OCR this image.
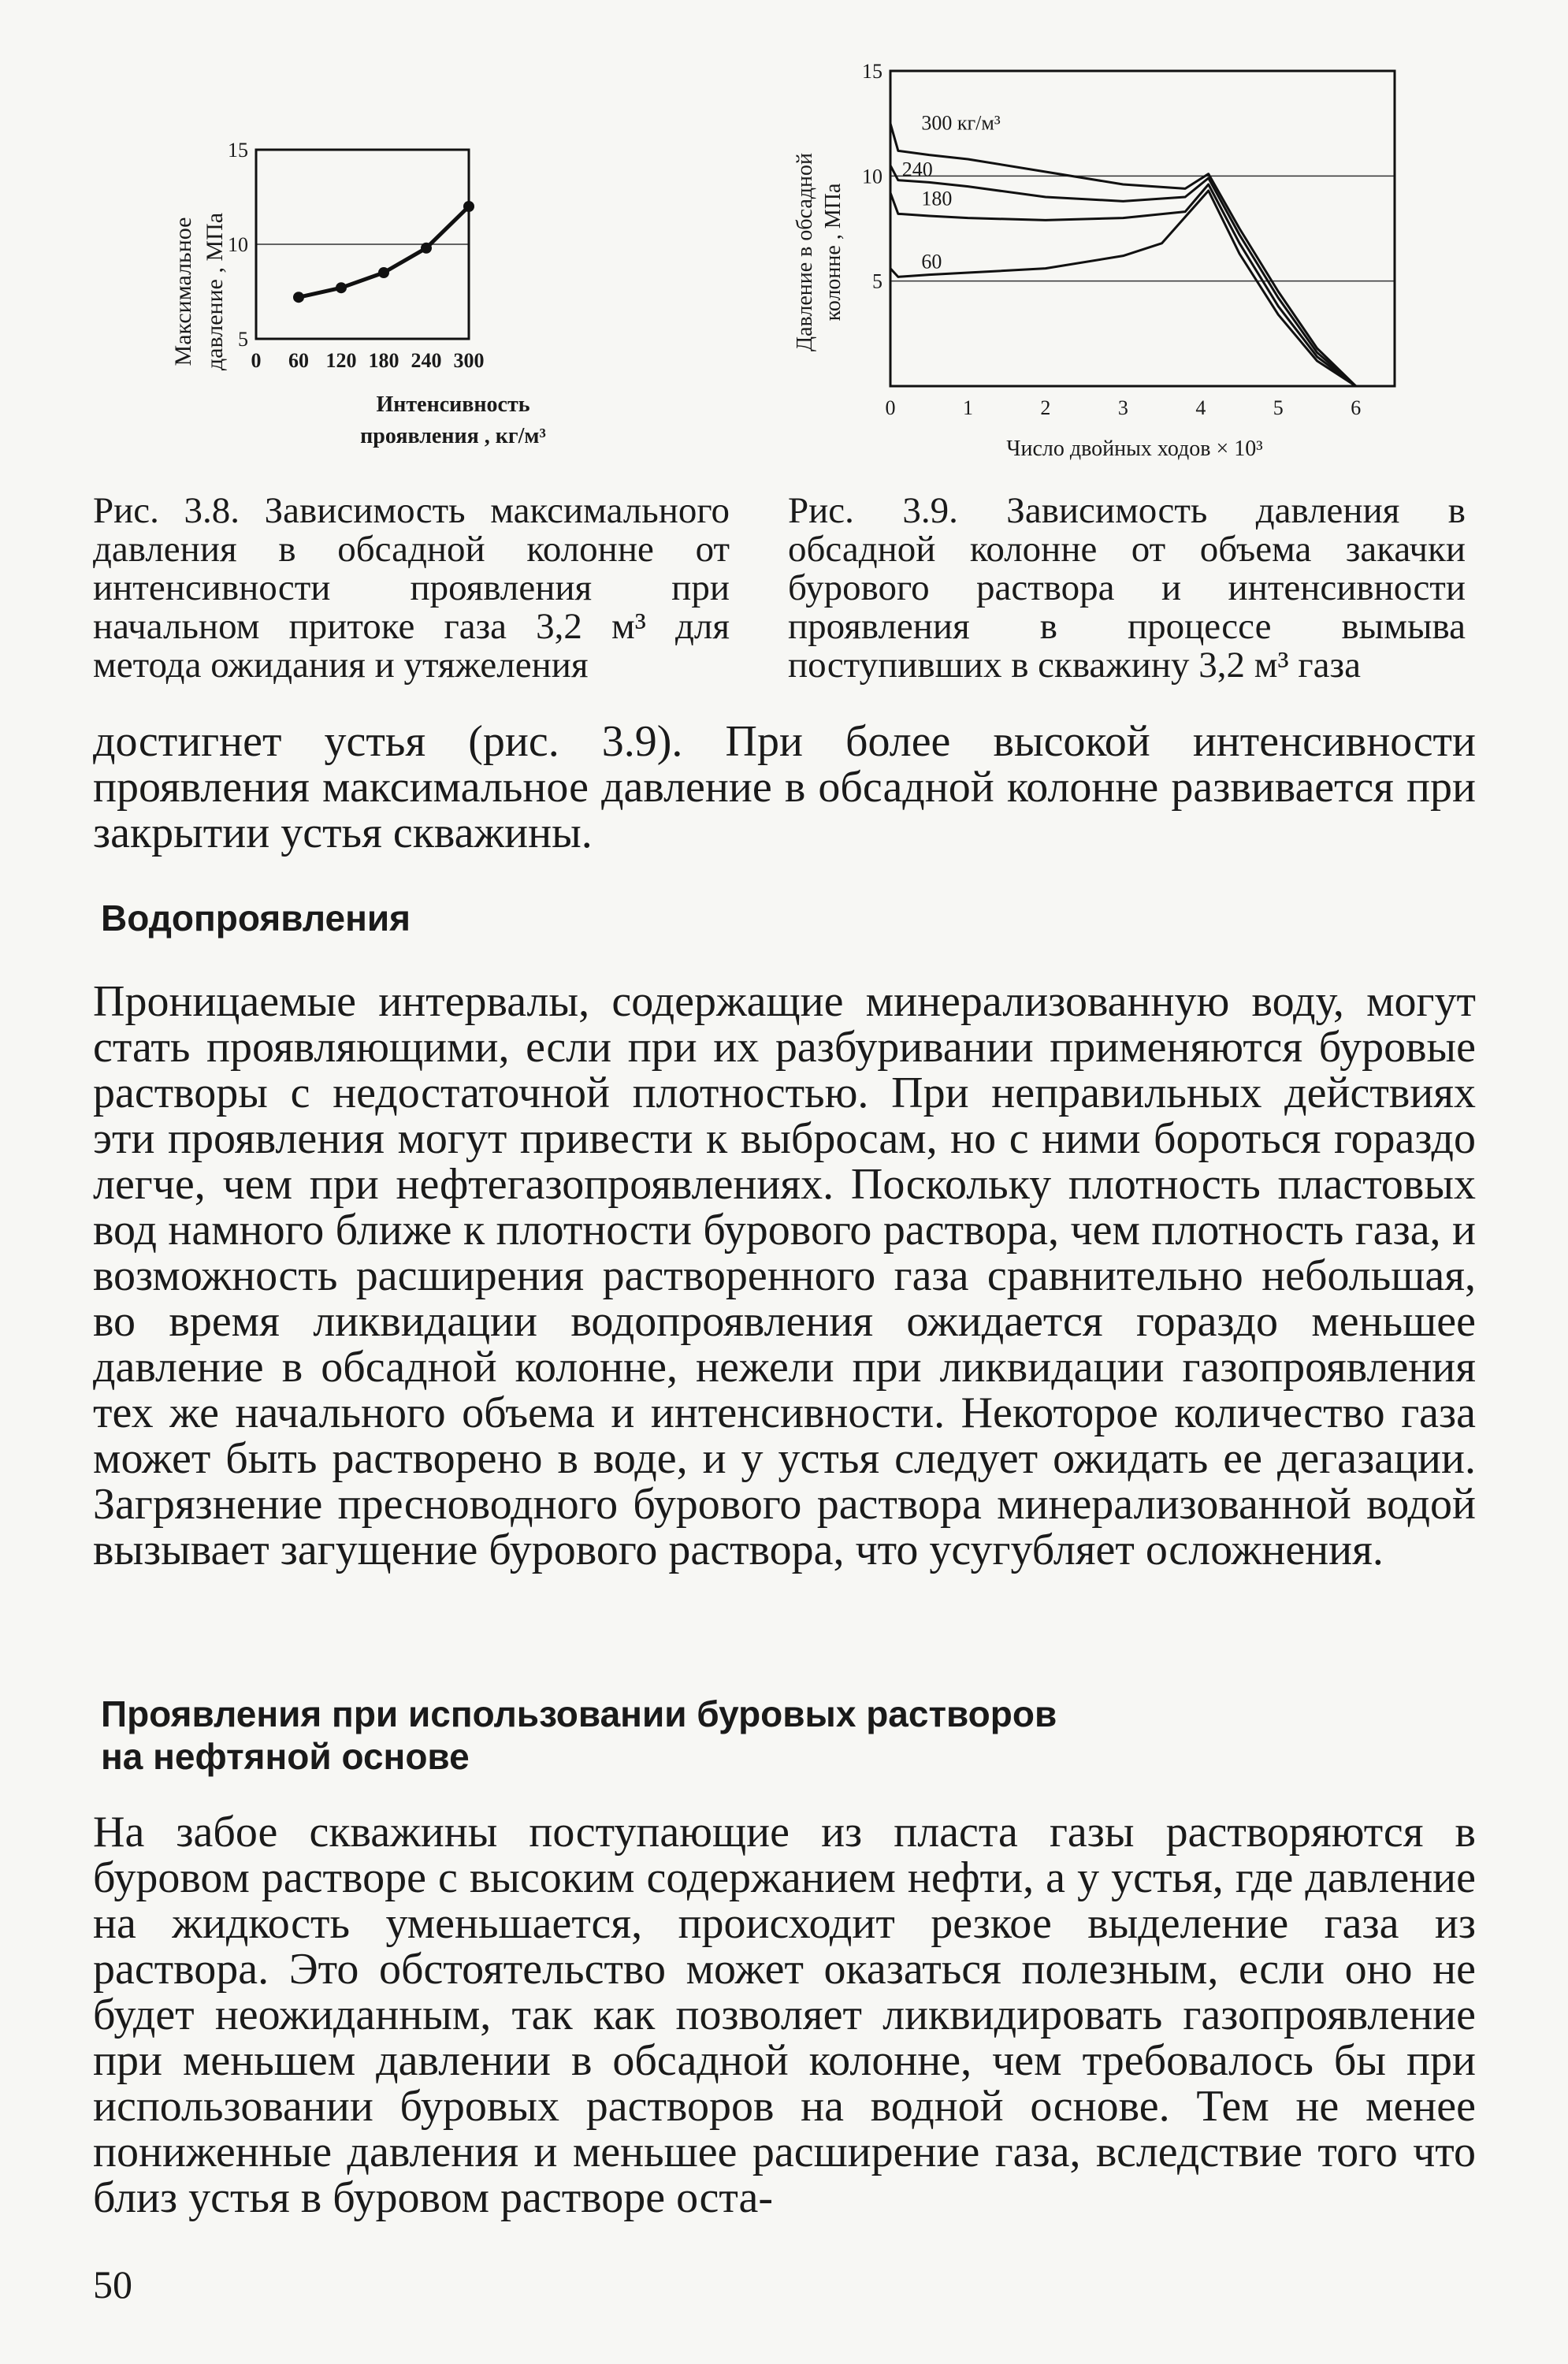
Максимальное давление , МПа
Интенсивность
проявления , кг/м³
5
10
15
0 60 120 180 240 300
Давление в обсадной колонне , МПа
Число двойных ходов × 10³
5
10
15
0	1	2	3	4	5	6
300 кг/м³
240
180
60
Рис. 3.8. Зависимость максимального давления в обсадной колонне от интенсивности проявления при начальном притоке газа 3,2 м³ для метода ожидания и утяжеления
Рис. 3.9. Зависимость давления в обсадной колонне от объема закачки бурового раствора и интенсивности проявления в процессе вымыва поступивших в скважину 3,2 м³ газа
достигнет устья (рис. 3.9). При более высокой интенсивности проявления максимальное давление в обсадной колонне развивается при закрытии устья скважины.
Водопроявления
Проницаемые интервалы, содержащие минерализованную воду, могут стать проявляющими, если при их разбуривании применяются буровые растворы с недостаточной плотностью. При неправильных действиях эти проявления могут привести к выбросам, но с ними бороться гораздо легче, чем при нефтегазопроявлениях. Поскольку плотность пластовых вод намного ближе к плотности бурового раствора, чем плотность газа, и возможность расширения растворенного газа сравнительно небольшая, во время ликвидации водопроявления ожидается гораздо меньшее давление в обсадной колонне, нежели при ликвидации газопроявления тех же начального объема и интенсивности. Некоторое количество газа может быть растворено в воде, и у устья следует ожидать ее дегазации. Загрязнение пресноводного бурового раствора минерализованной водой вызывает загущение бурового раствора, что усугубляет осложнения.
Проявления при использовании буровых растворов
на нефтяной основе
На забое скважины поступающие из пласта газы растворяются в буровом растворе с высоким содержанием нефти, а у устья, где давление на жидкость уменьшается, происходит резкое выделение газа из раствора. Это обстоятельство может оказаться полезным, если оно не будет неожиданным, так как позволяет ликвидировать газопроявление при меньшем давлении в обсадной колонне, чем требовалось бы при использовании буровых растворов на водной основе. Тем не менее пониженные давления и меньшее расширение газа, вследствие того что близ устья в буровом растворе оста-
50
